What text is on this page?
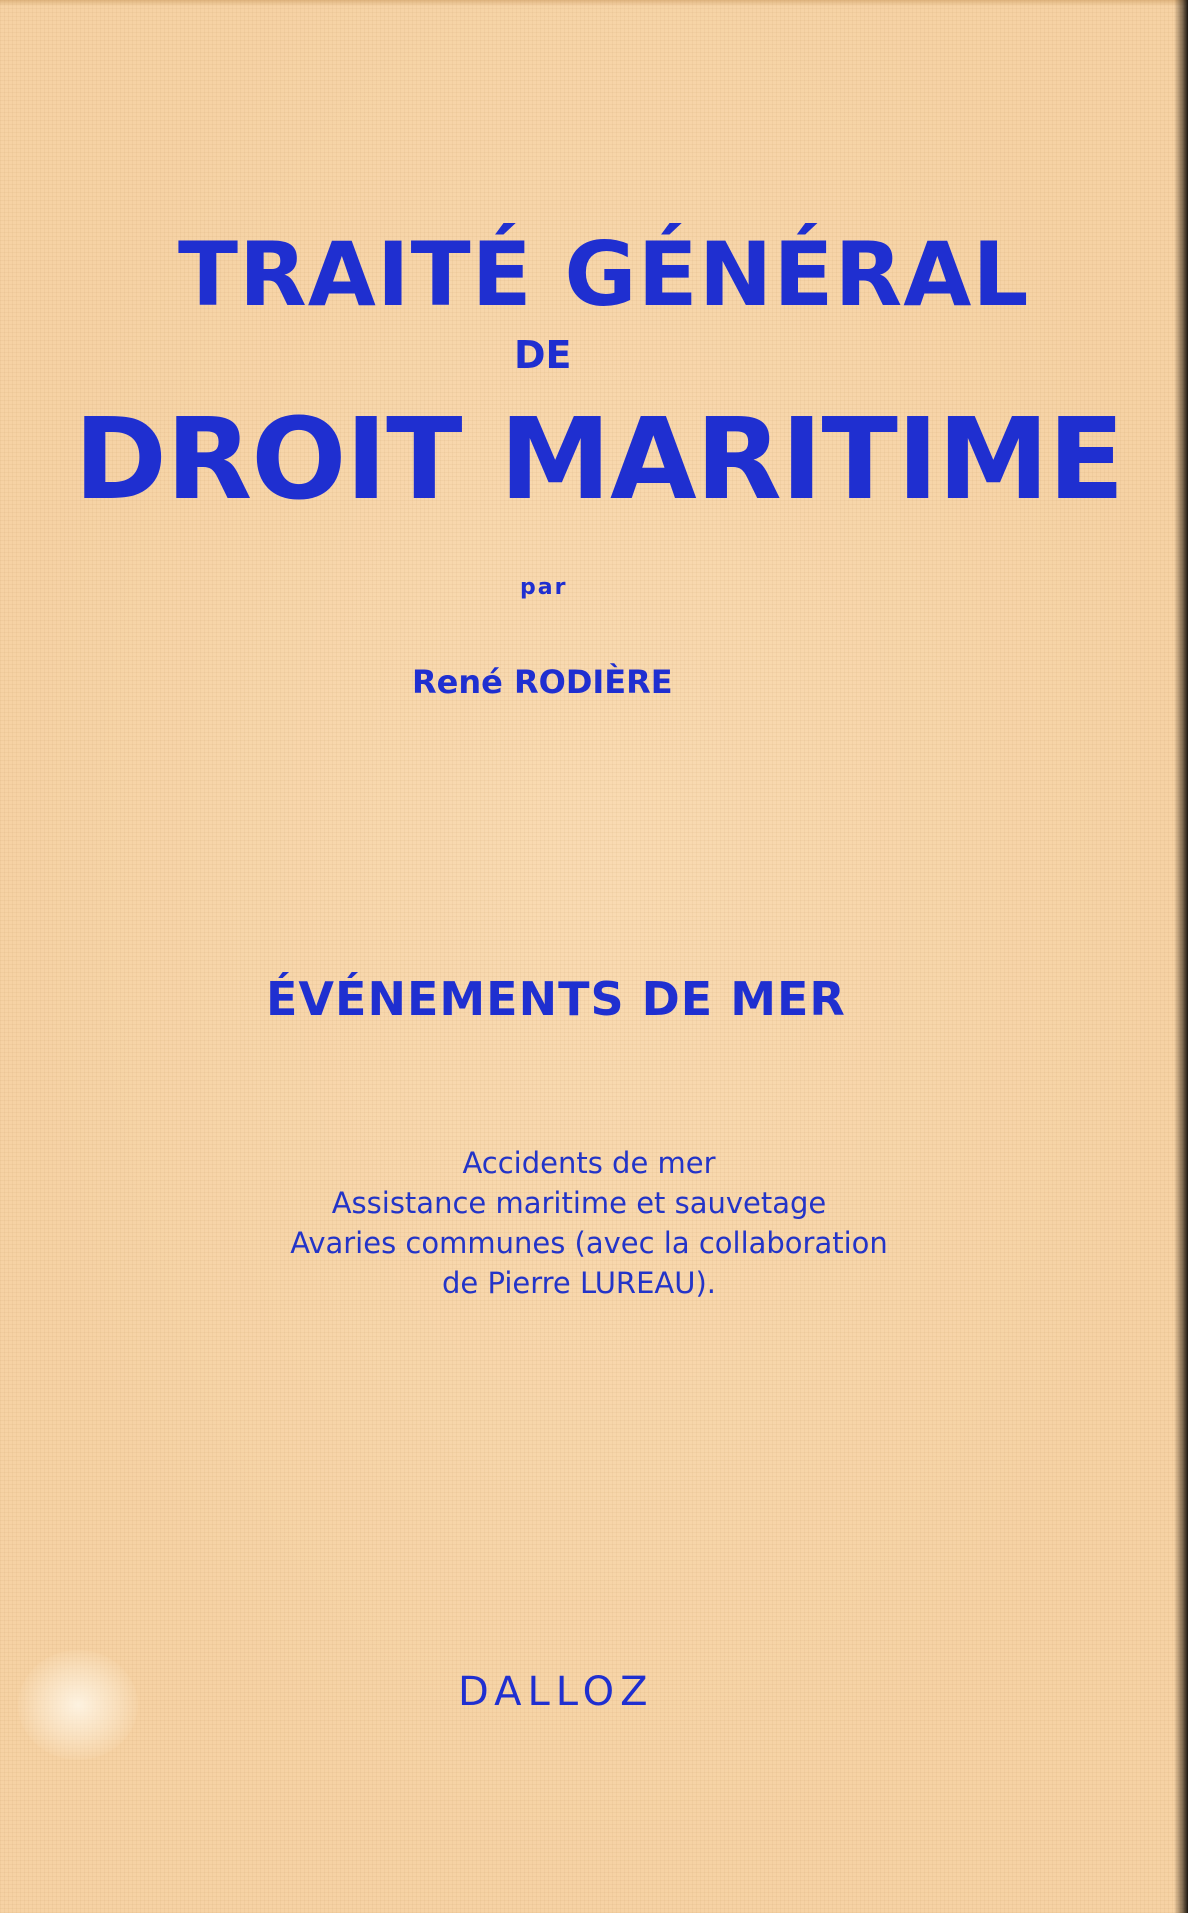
TRAITÉ GÉNÉRAL
DE
DROIT MARITIME
par
René RODIÈRE
ÉVÉNEMENTS DE MER
Accidents de mer
Assistance maritime et sauvetage
Avaries communes (avec la collaboration
de Pierre LUREAU).
DALLOZ
